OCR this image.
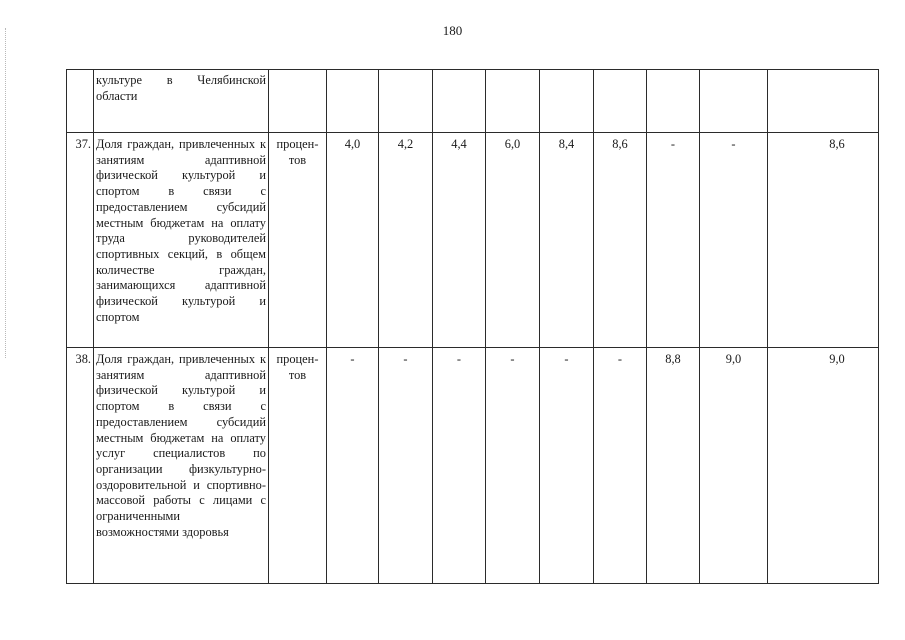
180
	культуре в Челябинской области										
37.	Доля граждан, привлеченных к занятиям адаптивной физической культурой и спортом в связи с предоставлением субсидий местным бюджетам на оплату труда руководителей спортивных секций, в общем количестве граждан, занимающихся адаптивной физической культурой и спортом	процен-тов	4,0	4,2	4,4	6,0	8,4	8,6	-	-	8,6
38.	Доля граждан, привлеченных к занятиям адаптивной физической культурой и спортом в связи с предоставлением субсидий местным бюджетам на оплату услуг специалистов по организации физкультурно-оздоровительной и спортивно-массовой работы с лицами с ограниченными возможностями здоровья	процен-тов	-	-	-	-	-	-	8,8	9,0	9,0
